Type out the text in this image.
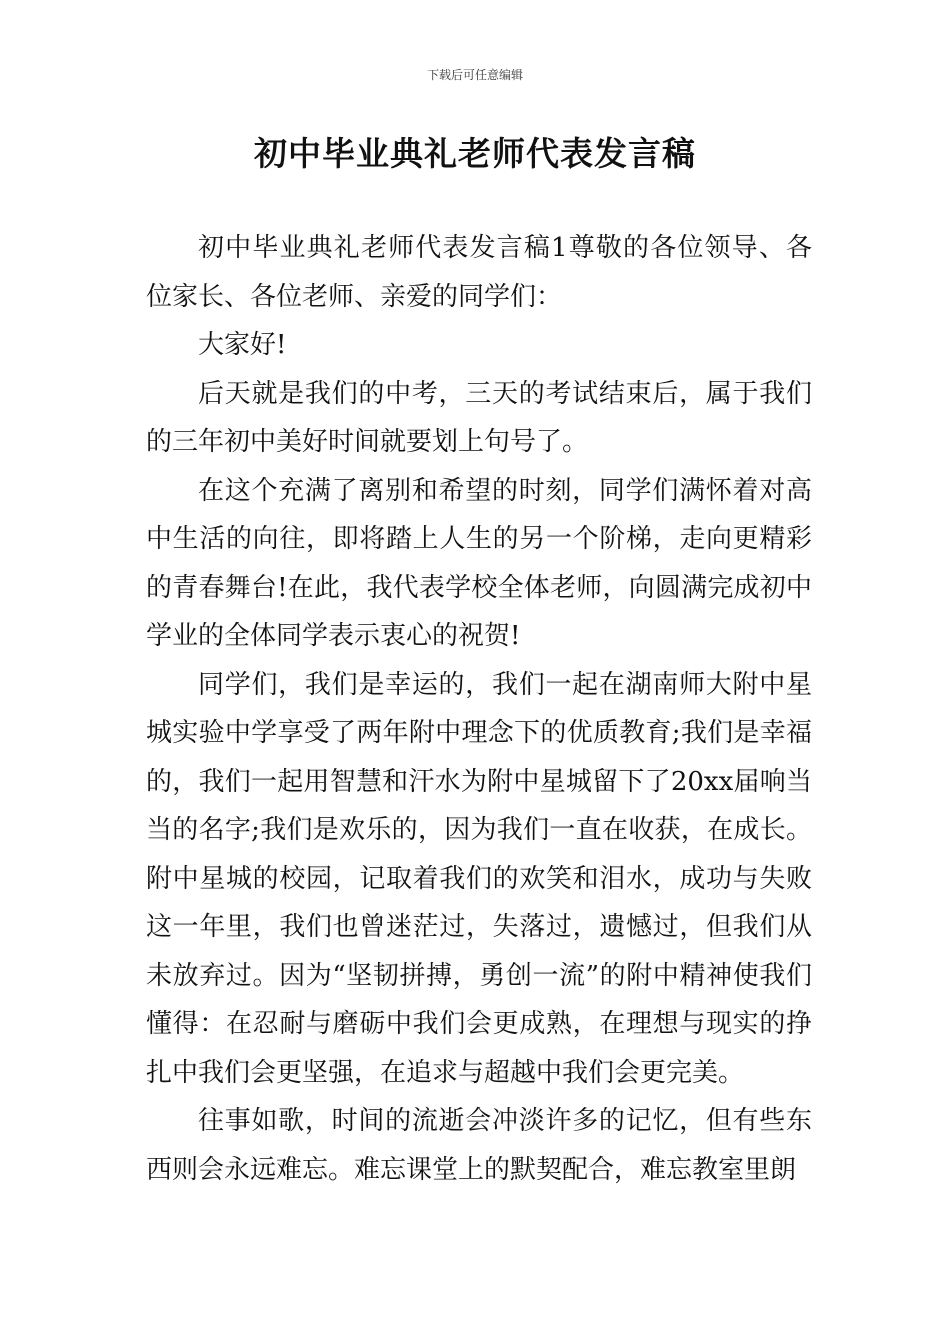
下载后可任意编辑
初中毕业典礼老师代表发言稿

初中毕业典礼老师代表发言稿1尊敬的各位领导、各位家长、各位老师、亲爱的同学们：

大家好!

后天就是我们的中考，三天的考试结束后，属于我们的三年初中美好时间就要划上句号了。

在这个充满了离别和希望的时刻，同学们满怀着对高中生活的向往，即将踏上人生的另一个阶梯，走向更精彩的青春舞台!在此，我代表学校全体老师，向圆满完成初中学业的全体同学表示衷心的祝贺!

同学们，我们是幸运的，我们一起在湖南师大附中星城实验中学享受了两年附中理念下的优质教育;我们是幸福的，我们一起用智慧和汗水为附中星城留下了20xx届响当当的名字;我们是欢乐的，因为我们一直在收获，在成长。附中星城的校园，记取着我们的欢笑和泪水，成功与失败这一年里，我们也曾迷茫过，失落过，遗憾过，但我们从未放弃过。因为“坚韧拼搏，勇创一流”的附中精神使我们懂得：在忍耐与磨砺中我们会更成熟，在理想与现实的挣扎中我们会更坚强，在追求与超越中我们会更完美。

往事如歌，时间的流逝会冲淡许多的记忆，但有些东西则会永远难忘。难忘课堂上的默契配合，难忘教室里朗
